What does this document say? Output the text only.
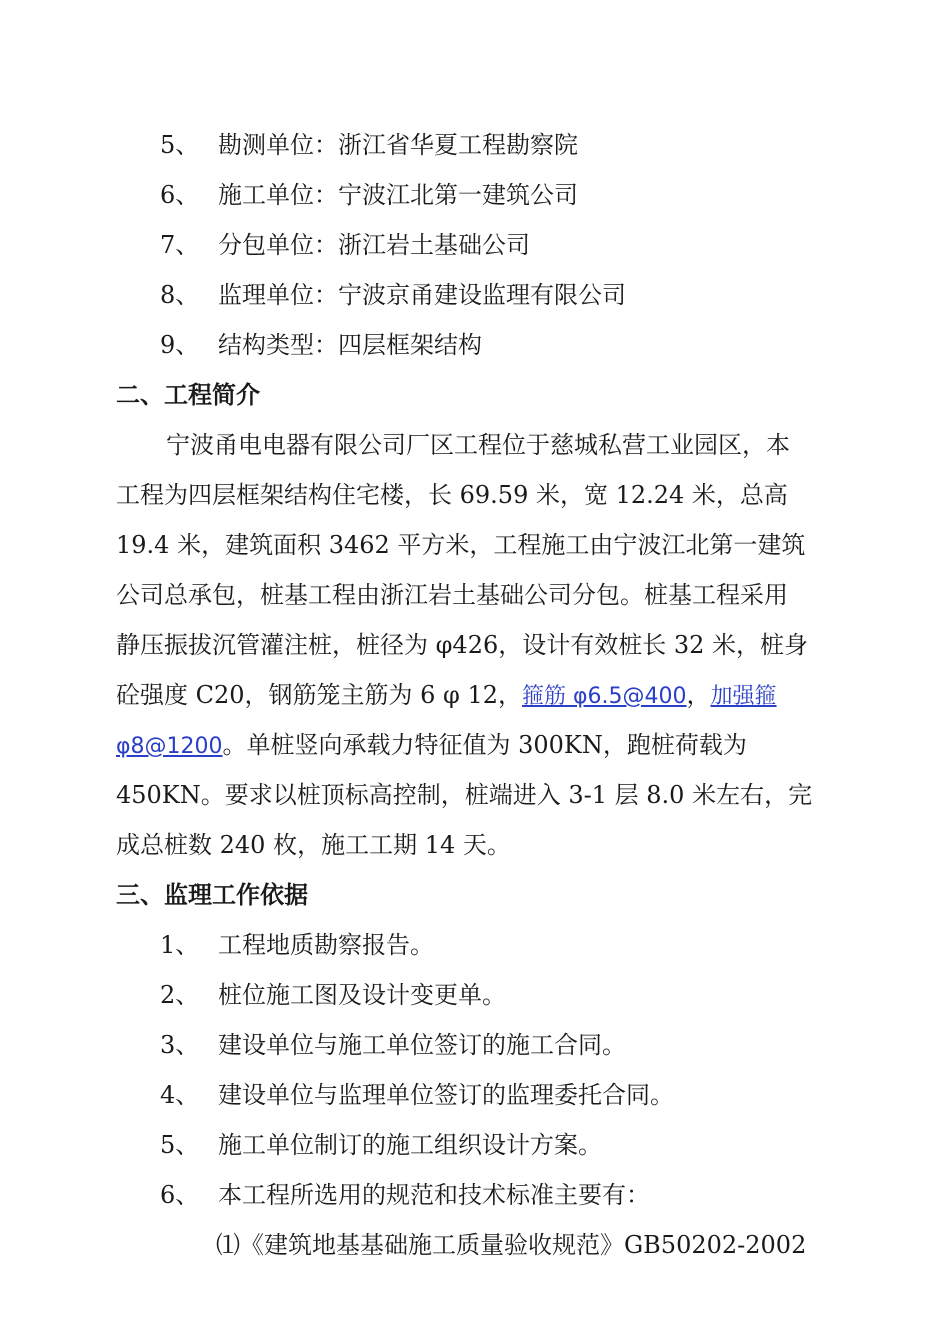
5、 勘测单位：浙江省华夏工程勘察院
6、 施工单位：宁波江北第一建筑公司
7、 分包单位：浙江岩土基础公司
8、 监理单位：宁波京甬建设监理有限公司
9、 结构类型：四层框架结构
二、工程简介
宁波甬电电器有限公司厂区工程位于慈城私营工业园区，本
工程为四层框架结构住宅楼，长 69.59 米，宽 12.24 米，总高
19.4 米，建筑面积 3462 平方米，工程施工由宁波江北第一建筑
公司总承包，桩基工程由浙江岩土基础公司分包。桩基工程采用
静压振拔沉管灌注桩，桩径为 φ426，设计有效桩长 32 米，桩身
砼强度 C20，钢筋笼主筋为 6 φ 12，箍筋 φ6.5@400，加强箍
φ8@1200。单桩竖向承载力特征值为 300KN，跑桩荷载为
450KN。要求以桩顶标高控制，桩端进入 3-1 层 8.0 米左右，完
成总桩数 240 枚，施工工期 14 天。
三、监理工作依据
1、 工程地质勘察报告。
2、 桩位施工图及设计变更单。
3、 建设单位与施工单位签订的施工合同。
4、 建设单位与监理单位签订的监理委托合同。
5、 施工单位制订的施工组织设计方案。
6、 本工程所选用的规范和技术标准主要有：
⑴《建筑地基基础施工质量验收规范》GB50202-2002
